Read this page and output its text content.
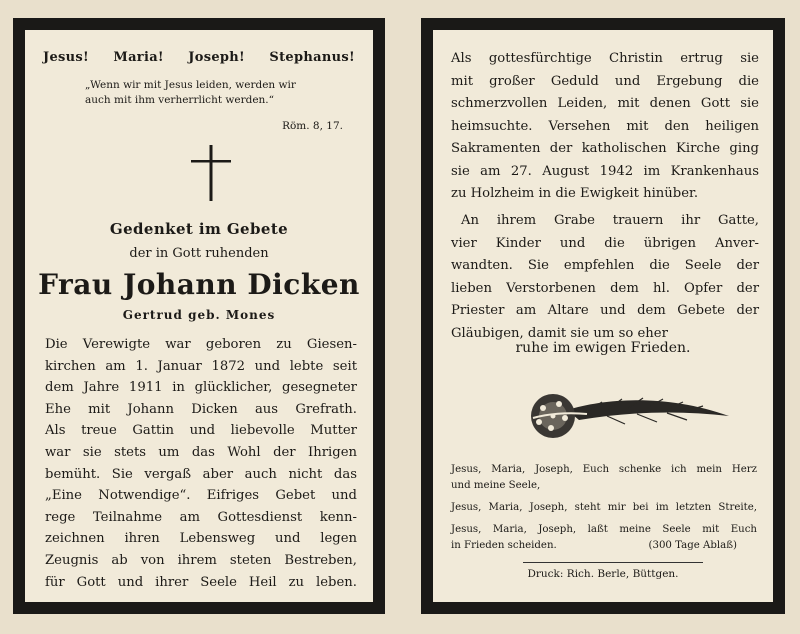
Jesus! Maria! Joseph! Stephanus!
„Wenn wir mit Jesus leiden, werden wir
auch mit ihm verherrlicht werden.“
Röm. 8, 17.
Gedenket im Gebete
der in Gott ruhenden
Frau Johann Dicken
Gertrud geb. Mones
Die Verewigte war geboren zu Giesen-
kirchen am 1. Januar 1872 und lebte seit
dem Jahre 1911 in glücklicher, gesegneter
Ehe mit Johann Dicken aus Grefrath.
Als treue Gattin und liebevolle Mutter
war sie stets um das Wohl der Ihrigen
bemüht. Sie vergaß aber auch nicht das
„Eine Notwendige“. Eifriges Gebet und
rege Teilnahme am Gottesdienst kenn-
zeichnen ihren Lebensweg und legen
Zeugnis ab von ihrem steten Bestreben,
für Gott und ihrer Seele Heil zu leben.
Als gottesfürchtige Christin ertrug sie
mit großer Geduld und Ergebung die
schmerzvollen Leiden, mit denen Gott sie
heimsuchte. Versehen mit den heiligen
Sakramenten der katholischen Kirche ging
sie am 27. August 1942 im Krankenhaus
zu Holzheim in die Ewigkeit hinüber.
An ihrem Grabe trauern ihr Gatte,
vier Kinder und die übrigen Anver-
wandten. Sie empfehlen die Seele der
lieben Verstorbenen dem hl. Opfer der
Priester am Altare und dem Gebete der
Gläubigen, damit sie um so eher
ruhe im ewigen Frieden.
Jesus, Maria, Joseph, Euch schenke ich mein Herz
und meine Seele,
Jesus, Maria, Joseph, steht mir bei im letzten Streite,
Jesus, Maria, Joseph, laßt meine Seele mit Euch
in Frieden scheiden.	(300 Tage Ablaß)
Druck: Rich. Berle, Büttgen.
